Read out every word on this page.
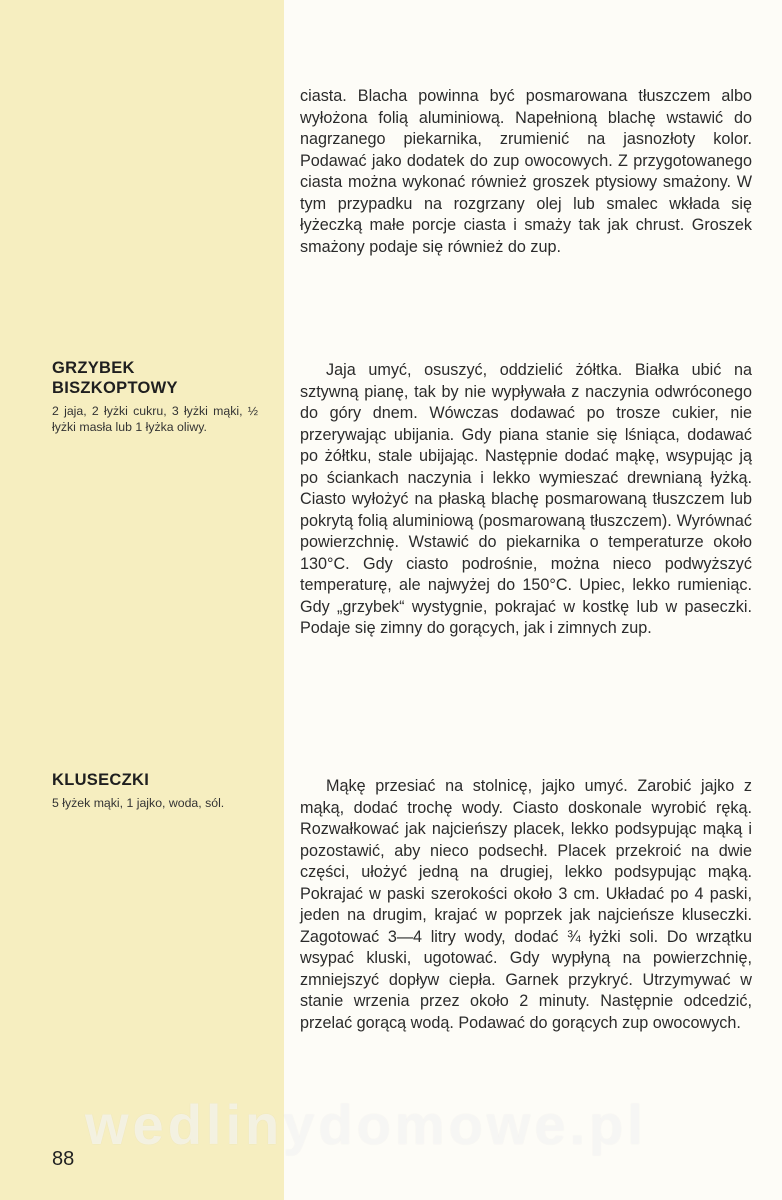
ciasta. Blacha powinna być posmarowana tłuszczem albo wyłożona folią aluminiową. Napełnioną blachę wstawić do nagrzanego piekarnika, zrumienić na jasnozłoty kolor. Podawać jako dodatek do zup owocowych. Z przygotowanego ciasta można wykonać również groszek ptysiowy smażony. W tym przypadku na rozgrzany olej lub smalec wkłada się łyżeczką małe porcje ciasta i smaży tak jak chrust. Groszek smażony podaje się również do zup.

GRZYBEK
BISZKOPTOWY

2 jaja, 2 łyżki cukru, 3 łyżki mąki, ½ łyżki masła lub 1 łyżka oliwy.

Jaja umyć, osuszyć, oddzielić żółtka. Białka ubić na sztywną pianę, tak by nie wypływała z naczynia odwróconego do góry dnem. Wówczas dodawać po trosze cukier, nie przerywając ubijania. Gdy piana stanie się lśniąca, dodawać po żółtku, stale ubijając. Następnie dodać mąkę, wsypując ją po ściankach naczynia i lekko wymieszać drewnianą łyżką. Ciasto wyłożyć na płaską blachę posmarowaną tłuszczem lub pokrytą folią aluminiową (posmarowaną tłuszczem). Wyrównać powierzchnię. Wstawić do piekarnika o temperaturze około 130°C. Gdy ciasto podrośnie, można nieco podwyższyć temperaturę, ale najwyżej do 150°C. Upiec, lekko rumieniąc. Gdy „grzybek“ wystygnie, pokrajać w kostkę lub w paseczki. Podaje się zimny do gorących, jak i zimnych zup.

KLUSECZKI

5 łyżek mąki, 1 jajko, woda, sól.

Mąkę przesiać na stolnicę, jajko umyć. Zarobić jajko z mąką, dodać trochę wody. Ciasto doskonale wyrobić ręką. Rozwałkować jak najcieńszy placek, lekko podsypując mąką i pozostawić, aby nieco podsechł. Placek przekroić na dwie części, ułożyć jedną na drugiej, lekko podsypując mąką. Pokrajać w paski szerokości około 3 cm. Układać po 4 paski, jeden na drugim, krajać w poprzek jak najcieńsze kluseczki. Zagotować 3—4 litry wody, dodać ¾ łyżki soli. Do wrzątku wsypać kluski, ugotować. Gdy wypłyną na powierzchnię, zmniejszyć dopływ ciepła. Garnek przykryć. Utrzymywać w stanie wrzenia przez około 2 minuty. Następnie odcedzić, przelać gorącą wodą. Podawać do gorących zup owocowych.

wedlinydomowe.pl

88
